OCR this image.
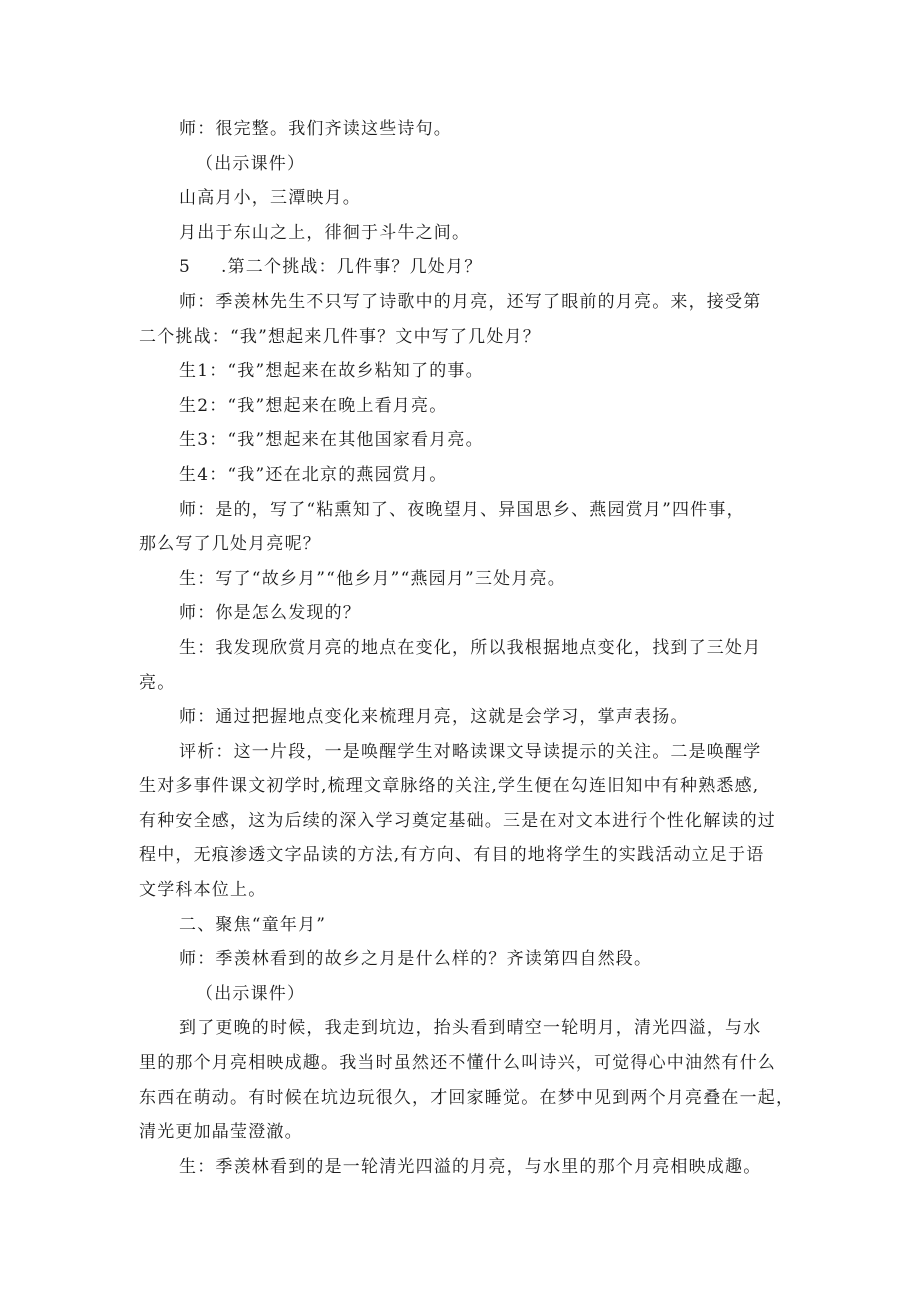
师：很完整。我们齐读这些诗句。
（出示课件）
山高月小，三潭映月。
月出于东山之上，徘徊于斗牛之间。
5 .第二个挑战：几件事？几处月？
师：季羡林先生不只写了诗歌中的月亮，还写了眼前的月亮。来，接受第
二个挑战：“我”想起来几件事？文中写了几处月？
生1：“我”想起来在故乡粘知了的事。
生2：“我”想起来在晚上看月亮。
生3：“我”想起来在其他国家看月亮。
生4：“我”还在北京的燕园赏月。
师：是的，写了“粘熏知了、夜晚望月、异国思乡、燕园赏月”四件事，
那么写了几处月亮呢？
生：写了“故乡月”“他乡月”“燕园月”三处月亮。
师：你是怎么发现的？
生：我发现欣赏月亮的地点在变化，所以我根据地点变化，找到了三处月
亮。
师：通过把握地点变化来梳理月亮，这就是会学习，掌声表扬。
评析：这一片段，一是唤醒学生对略读课文导读提示的关注。二是唤醒学
生对多事件课文初学时,梳理文章脉络的关注,学生便在勾连旧知中有种熟悉感,
有种安全感，这为后续的深入学习奠定基础。三是在对文本进行个性化解读的过
程中，无痕渗透文字品读的方法,有方向、有目的地将学生的实践活动立足于语
文学科本位上。
二、聚焦“童年月”
师：季羡林看到的故乡之月是什么样的？齐读第四自然段。
（出示课件）
到了更晚的时候，我走到坑边，抬头看到晴空一轮明月，清光四溢，与水
里的那个月亮相映成趣。我当时虽然还不懂什么叫诗兴，可觉得心中油然有什么
东西在萌动。有时候在坑边玩很久，才回家睡觉。在梦中见到两个月亮叠在一起，
清光更加晶莹澄澈。
生：季羡林看到的是一轮清光四溢的月亮，与水里的那个月亮相映成趣。
